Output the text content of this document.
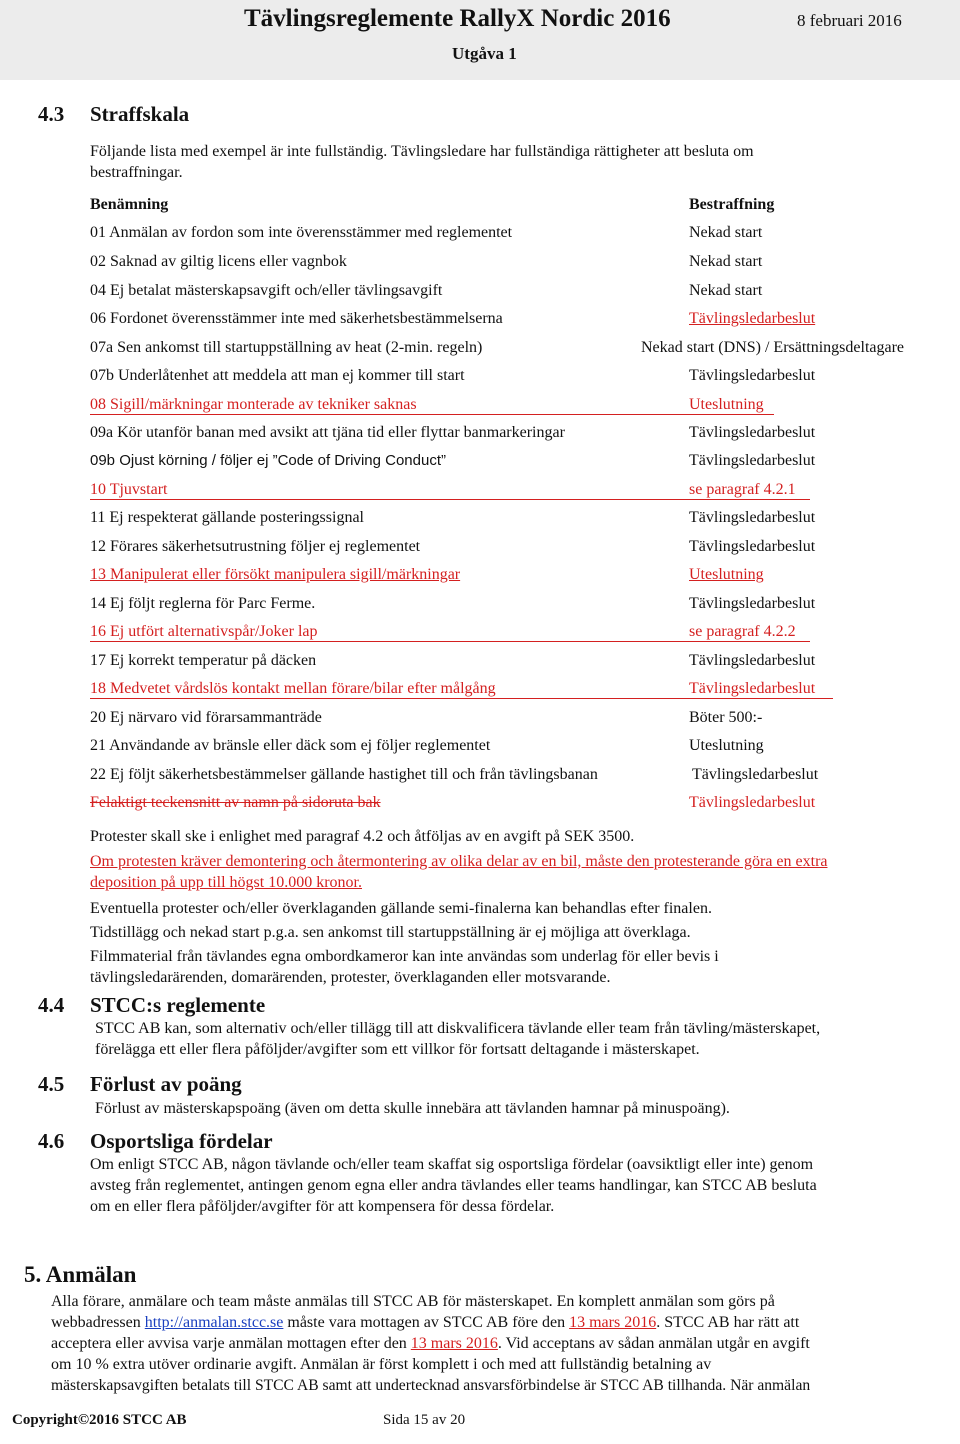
Tävlingsreglemente RallyX Nordic 2016	8 februari 2016
Utgåva 1
4.3 Straffskala
Följande lista med exempel är inte fullständig. Tävlingsledare har fullständiga rättigheter att besluta om
bestraffningar.
Benämning	Bestraffning
01 Anmälan av fordon som inte överensstämmer med reglementet	Nekad start
02 Saknad av giltig licens eller vagnbok	Nekad start
04 Ej betalat mästerskapsavgift och/eller tävlingsavgift	Nekad start
06 Fordonet överensstämmer inte med säkerhetsbestämmelserna	Tävlingsledarbeslut
07a Sen ankomst till startuppställning av heat (2-min. regeln)	Nekad start (DNS) / Ersättningsdeltagare
07b Underlåtenhet att meddela att man ej kommer till start	Tävlingsledarbeslut
08 Sigill/märkningar monterade av tekniker saknas	Uteslutning
09a Kör utanför banan med avsikt att tjäna tid eller flyttar banmarkeringar	Tävlingsledarbeslut
09b Ojust körning / följer ej ”Code of Driving Conduct”	Tävlingsledarbeslut
10 Tjuvstart	se paragraf 4.2.1
11 Ej respekterat gällande posteringssignal	Tävlingsledarbeslut
12 Förares säkerhetsutrustning följer ej reglementet	Tävlingsledarbeslut
13 Manipulerat eller försökt manipulera sigill/märkningar	Uteslutning
14 Ej följt reglerna för Parc Ferme.	Tävlingsledarbeslut
16 Ej utfört alternativspår/Joker lap	se paragraf 4.2.2
17 Ej korrekt temperatur på däcken	Tävlingsledarbeslut
18 Medvetet vårdslös kontakt mellan förare/bilar efter målgång	Tävlingsledarbeslut
20 Ej närvaro vid förarsammanträde	Böter 500:-
21 Användande av bränsle eller däck som ej följer reglementet	Uteslutning
22 Ej följt säkerhetsbestämmelser gällande hastighet till och från tävlingsbanan	Tävlingsledarbeslut
Felaktigt teckensnitt av namn på sidoruta bak	Tävlingsledarbeslut
Protester skall ske i enlighet med paragraf 4.2 och åtföljas av en avgift på SEK 3500.
Om protesten kräver demontering och återmontering av olika delar av en bil, måste den protesterande göra en extra
deposition på upp till högst 10.000 kronor.
Eventuella protester och/eller överklaganden gällande semi-finalerna kan behandlas efter finalen.
Tidstillägg och nekad start p.g.a. sen ankomst till startuppställning är ej möjliga att överklaga.
Filmmaterial från tävlandes egna ombordkameror kan inte användas som underlag för eller bevis i
tävlingsledarärenden, domarärenden, protester, överklaganden eller motsvarande.
4.4 STCC:s reglemente
STCC AB kan, som alternativ och/eller tillägg till att diskvalificera tävlande eller team från tävling/mästerskapet,
förelägga ett eller flera påföljder/avgifter som ett villkor för fortsatt deltagande i mästerskapet.
4.5 Förlust av poäng
Förlust av mästerskapspoäng (även om detta skulle innebära att tävlanden hamnar på minuspoäng).
4.6 Osportsliga fördelar
Om enligt STCC AB, någon tävlande och/eller team skaffat sig osportsliga fördelar (oavsiktligt eller inte) genom
avsteg från reglementet, antingen genom egna eller andra tävlandes eller teams handlingar, kan STCC AB besluta
om en eller flera påföljder/avgifter för att kompensera för dessa fördelar.
5. Anmälan
Alla förare, anmälare och team måste anmälas till STCC AB för mästerskapet. En komplett anmälan som görs på
webbadressen http://anmalan.stcc.se måste vara mottagen av STCC AB före den 13 mars 2016. STCC AB har rätt att
acceptera eller avvisa varje anmälan mottagen efter den 13 mars 2016. Vid acceptans av sådan anmälan utgår en avgift
om 10 % extra utöver ordinarie avgift. Anmälan är först komplett i och med att fullständig betalning av
mästerskapsavgiften betalats till STCC AB samt att undertecknad ansvarsförbindelse är STCC AB tillhanda. När anmälan
Copyright©2016 STCC AB	Sida 15 av 20
